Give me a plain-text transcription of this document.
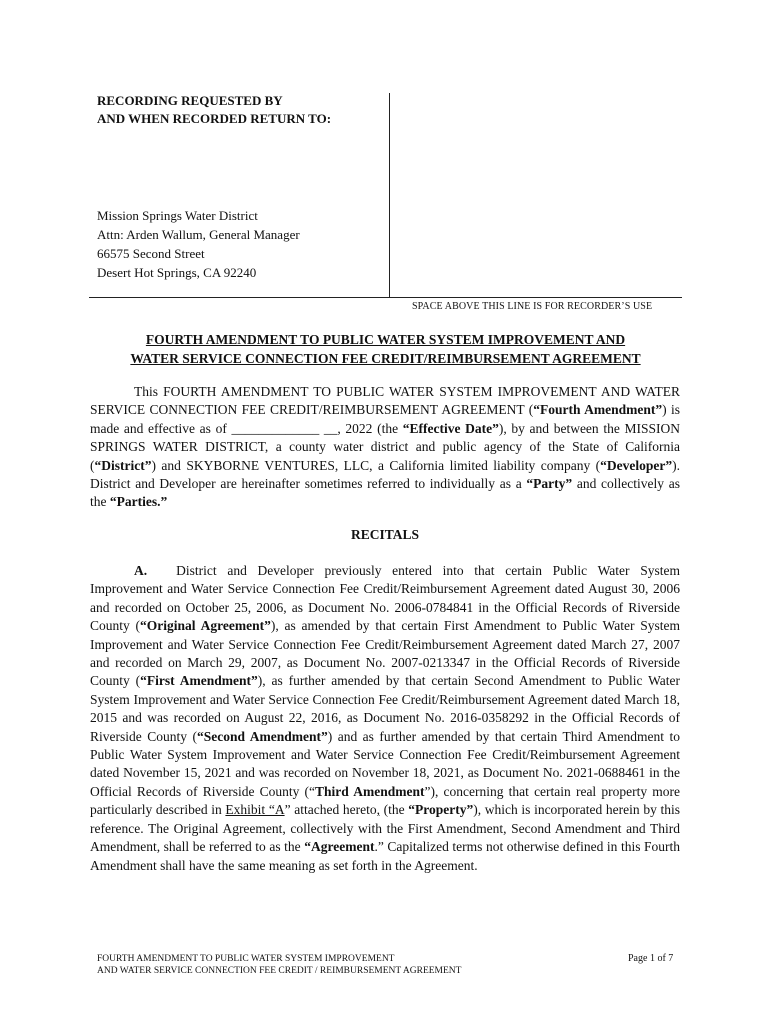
RECORDING REQUESTED BY
AND WHEN RECORDED RETURN TO:
Mission Springs Water District
Attn: Arden Wallum, General Manager
66575 Second Street
Desert Hot Springs, CA 92240
SPACE ABOVE THIS LINE IS FOR RECORDER’S USE
FOURTH AMENDMENT TO PUBLIC WATER SYSTEM IMPROVEMENT AND
WATER SERVICE CONNECTION FEE CREDIT/REIMBURSEMENT AGREEMENT
This FOURTH AMENDMENT TO PUBLIC WATER SYSTEM IMPROVEMENT AND WATER SERVICE CONNECTION FEE CREDIT/REIMBURSEMENT AGREEMENT (“Fourth Amendment”) is made and effective as of _____________ __, 2022 (the “Effective Date”), by and between the MISSION SPRINGS WATER DISTRICT, a county water district and public agency of the State of California (“District”) and SKYBORNE VENTURES, LLC, a California limited liability company (“Developer”). District and Developer are hereinafter sometimes referred to individually as a “Party” and collectively as the “Parties.”
RECITALS
A. District and Developer previously entered into that certain Public Water System Improvement and Water Service Connection Fee Credit/Reimbursement Agreement dated August 30, 2006 and recorded on October 25, 2006, as Document No. 2006-0784841 in the Official Records of Riverside County (“Original Agreement”), as amended by that certain First Amendment to Public Water System Improvement and Water Service Connection Fee Credit/Reimbursement Agreement dated March 27, 2007 and recorded on March 29, 2007, as Document No. 2007-0213347 in the Official Records of Riverside County (“First Amendment”), as further amended by that certain Second Amendment to Public Water System Improvement and Water Service Connection Fee Credit/Reimbursement Agreement dated March 18, 2015 and was recorded on August 22, 2016, as Document No. 2016-0358292 in the Official Records of Riverside County (“Second Amendment”) and as further amended by that certain Third Amendment to Public Water System Improvement and Water Service Connection Fee Credit/Reimbursement Agreement dated November 15, 2021 and was recorded on November 18, 2021, as Document No. 2021-0688461 in the Official Records of Riverside County (“Third Amendment”), concerning that certain real property more particularly described in Exhibit “A” attached hereto, (the “Property”), which is incorporated herein by this reference. The Original Agreement, collectively with the First Amendment, Second Amendment and Third Amendment, shall be referred to as the “Agreement.” Capitalized terms not otherwise defined in this Fourth Amendment shall have the same meaning as set forth in the Agreement.
FOURTH AMENDMENT TO PUBLIC WATER SYSTEM IMPROVEMENT
AND WATER SERVICE CONNECTION FEE CREDIT / REIMBURSEMENT AGREEMENT
Page 1 of 7
